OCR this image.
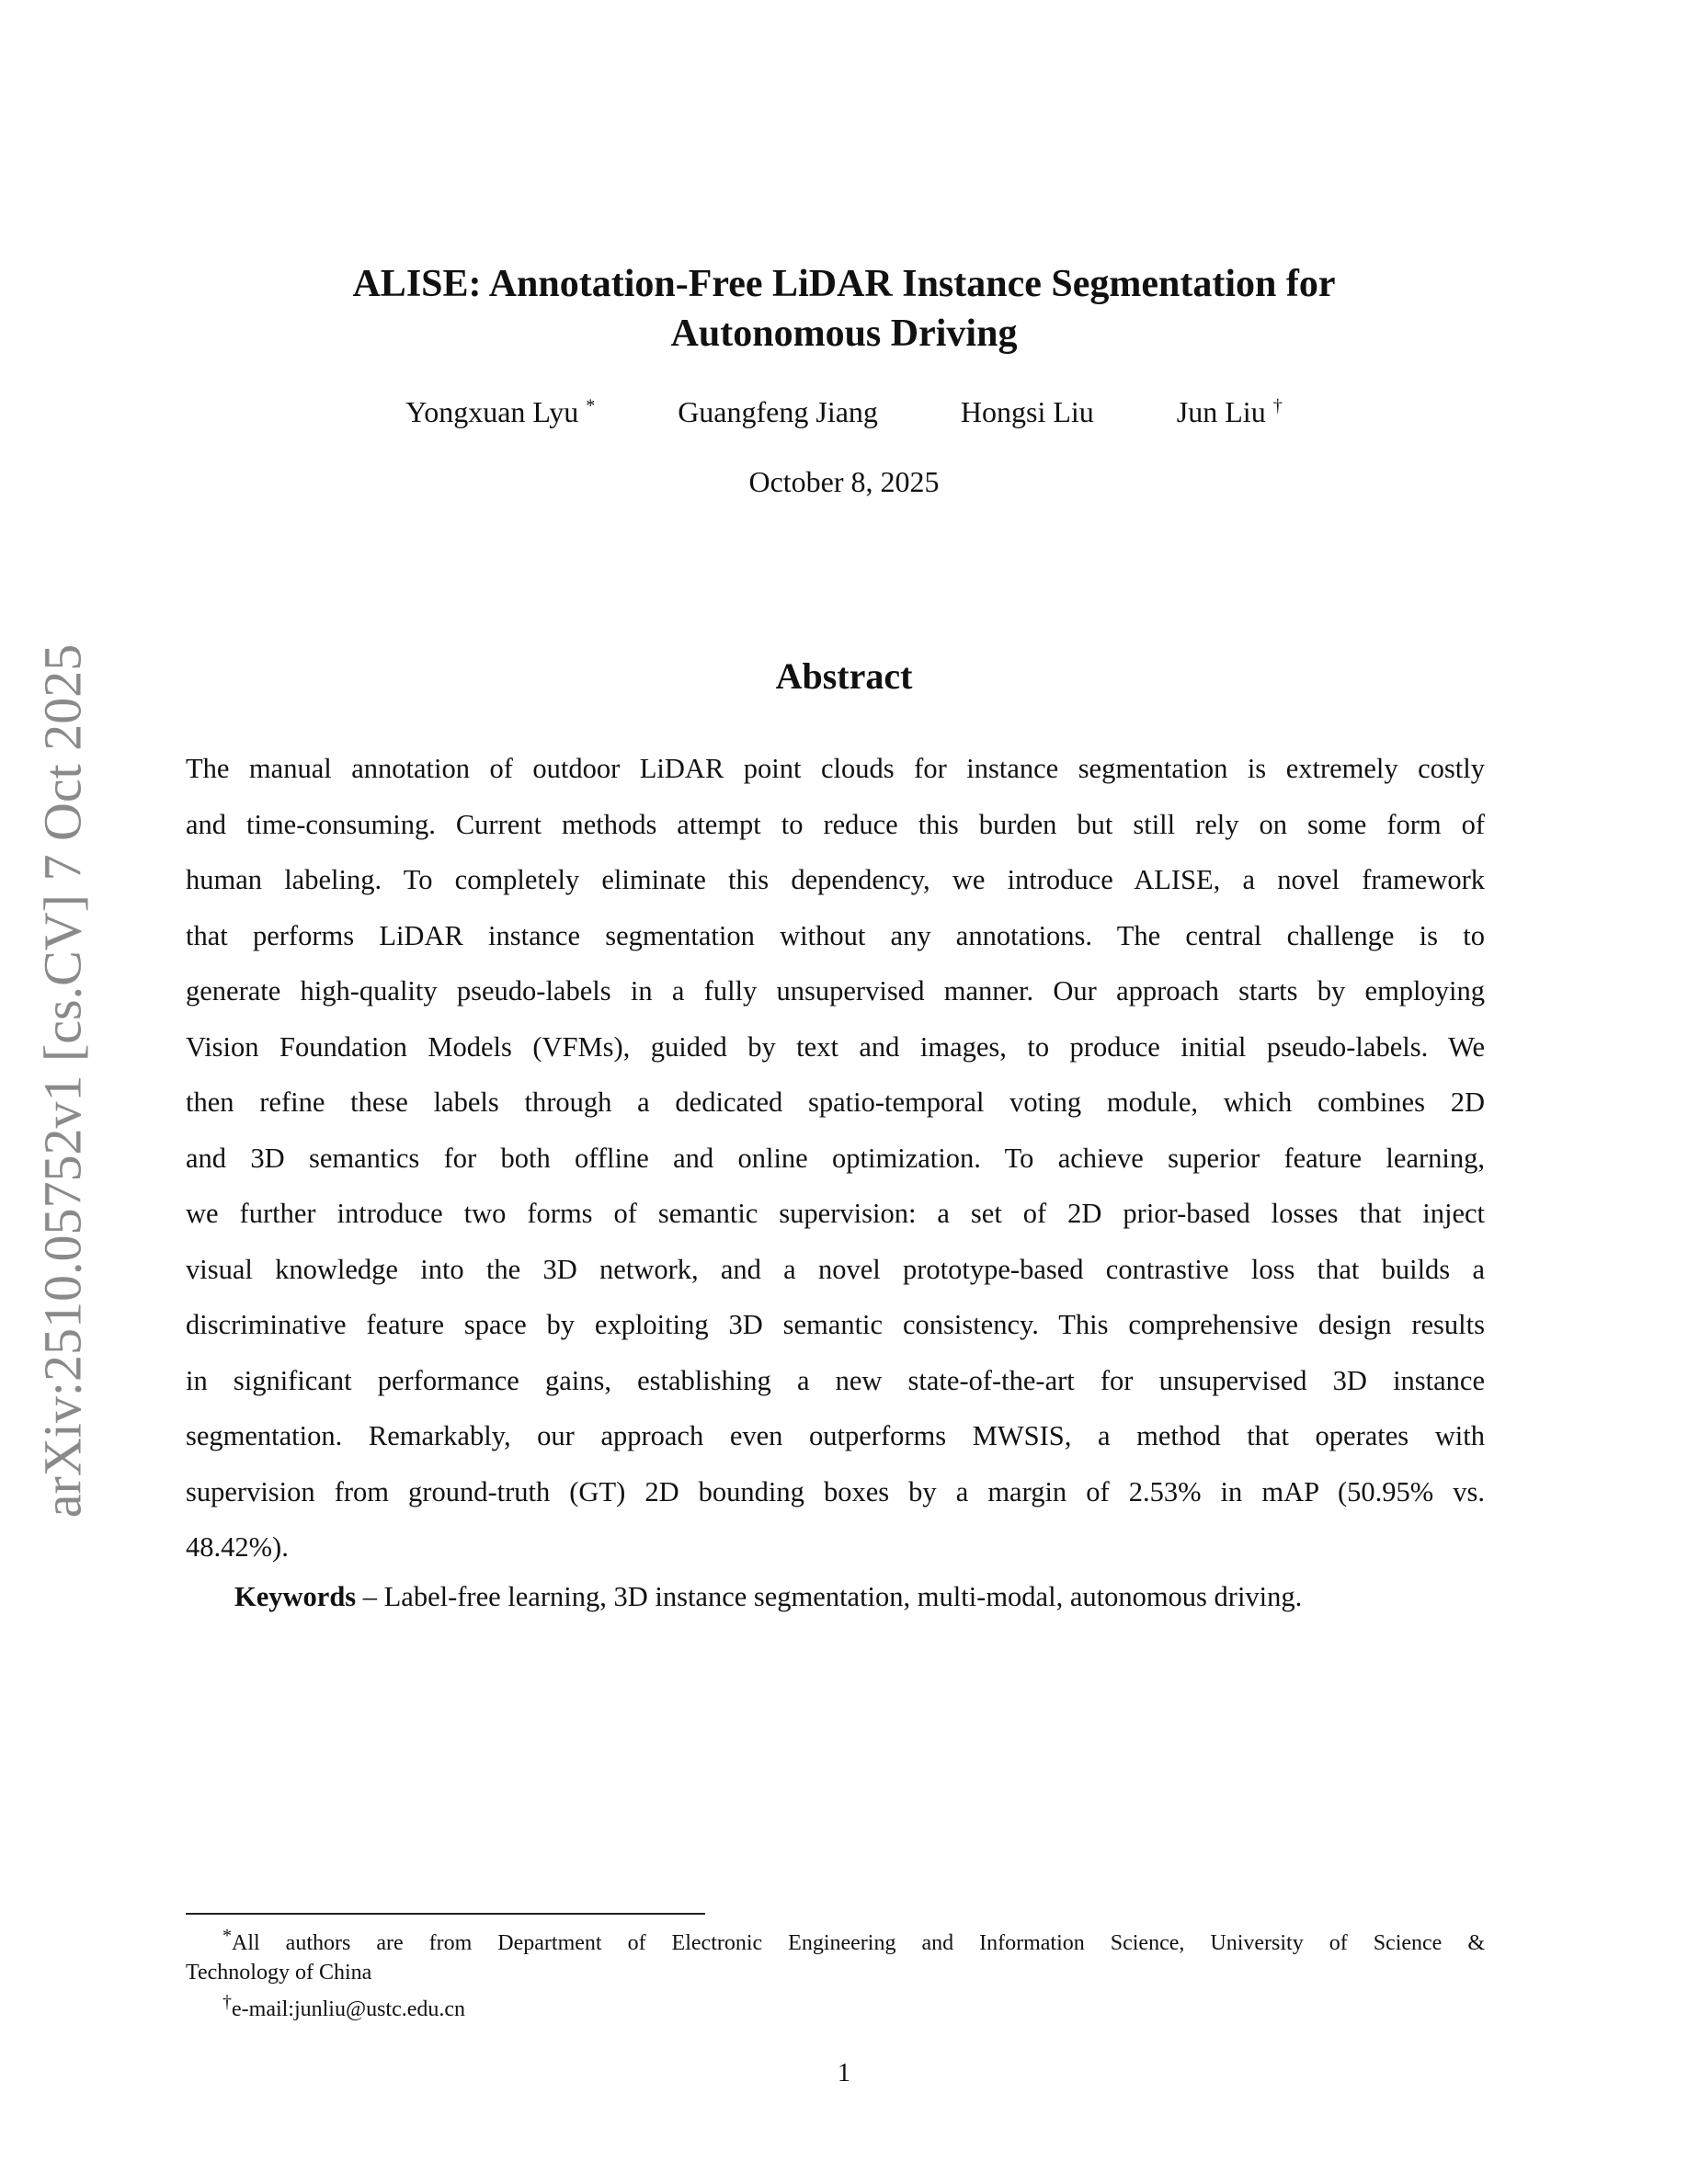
arXiv:2510.05752v1 [cs.CV] 7 Oct 2025
ALISE: Annotation-Free LiDAR Instance Segmentation for
Autonomous Driving
Yongxuan Lyu *	Guangfeng Jiang	Hongsi Liu	Jun Liu †
October 8, 2025
Abstract
The manual annotation of outdoor LiDAR point clouds for instance segmentation is extremely costly
and time-consuming. Current methods attempt to reduce this burden but still rely on some form of
human labeling. To completely eliminate this dependency, we introduce ALISE, a novel framework
that performs LiDAR instance segmentation without any annotations. The central challenge is to
generate high-quality pseudo-labels in a fully unsupervised manner. Our approach starts by employing
Vision Foundation Models (VFMs), guided by text and images, to produce initial pseudo-labels. We
then refine these labels through a dedicated spatio-temporal voting module, which combines 2D
and 3D semantics for both offline and online optimization. To achieve superior feature learning,
we further introduce two forms of semantic supervision: a set of 2D prior-based losses that inject
visual knowledge into the 3D network, and a novel prototype-based contrastive loss that builds a
discriminative feature space by exploiting 3D semantic consistency. This comprehensive design results
in significant performance gains, establishing a new state-of-the-art for unsupervised 3D instance
segmentation. Remarkably, our approach even outperforms MWSIS, a method that operates with
supervision from ground-truth (GT) 2D bounding boxes by a margin of 2.53% in mAP (50.95% vs.
48.42%).
Keywords – Label-free learning, 3D instance segmentation, multi-modal, autonomous driving.
*All authors are from Department of Electronic Engineering and Information Science, University of Science &
Technology of China
†e-mail:junliu@ustc.edu.cn
1
